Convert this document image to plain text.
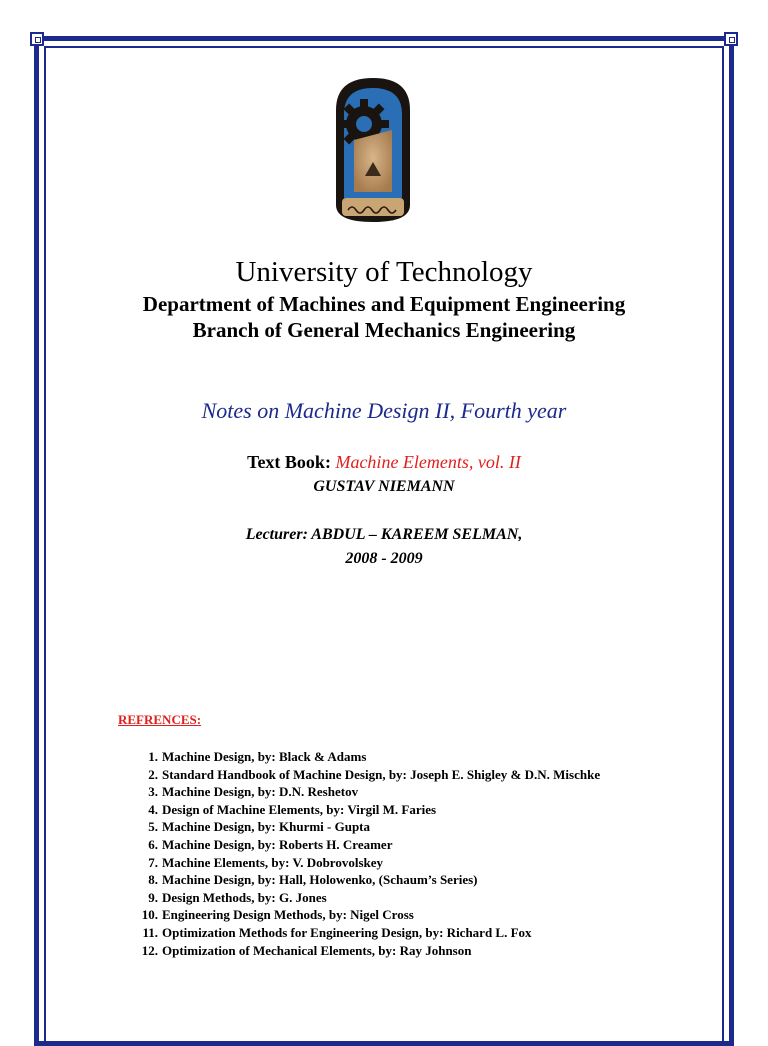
University of Technology
Department of Machines and Equipment Engineering
Branch of General Mechanics Engineering
Notes on Machine Design II, Fourth year
Text Book: Machine Elements, vol. II
GUSTAV NIEMANN
Lecturer: ABDUL – KAREEM SELMAN,
2008 - 2009
REFRENCES:
1. Machine Design, by: Black & Adams
2. Standard Handbook of Machine Design, by: Joseph E. Shigley & D.N. Mischke
3. Machine Design, by: D.N. Reshetov
4. Design of Machine Elements, by: Virgil M. Faries
5. Machine Design, by: Khurmi - Gupta
6. Machine Design, by: Roberts H. Creamer
7. Machine Elements, by: V. Dobrovolskey
8. Machine Design, by: Hall, Holowenko, (Schaum’s Series)
9. Design Methods, by: G. Jones
10. Engineering Design Methods, by: Nigel Cross
11. Optimization Methods for Engineering Design, by: Richard L. Fox
12. Optimization of Mechanical Elements, by: Ray Johnson
